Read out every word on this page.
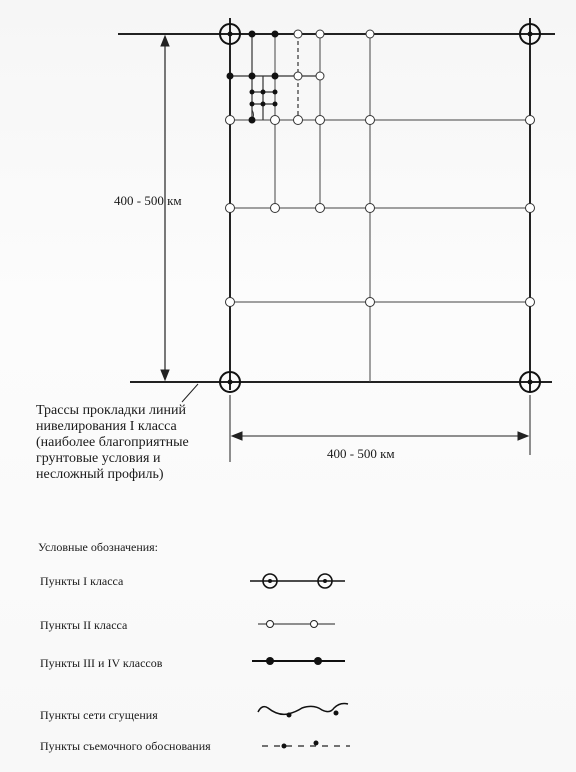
400 - 500 км
400 - 500 км
Трассы прокладки линий нивелирования I класса (наиболее благоприятные грунтовые условия и несложный профиль)
Условные обозначения:
Пункты I класса
Пункты II класса
Пункты III и IV классов
Пункты сети сгущения
Пункты съемочного обоснования
